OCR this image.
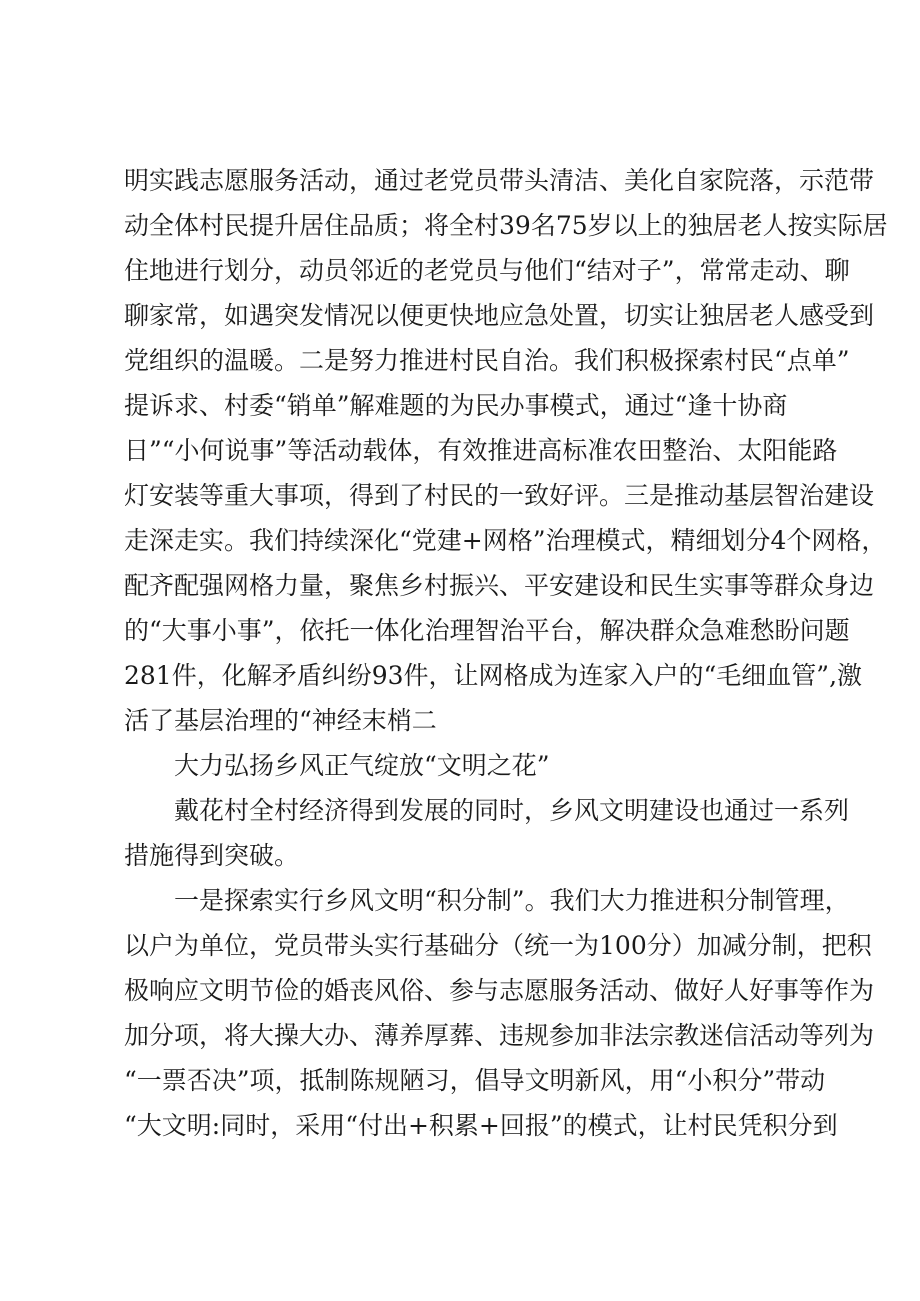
明实践志愿服务活动，通过老党员带头清洁、美化自家院落，示范带
动全体村民提升居住品质；将全村39名75岁以上的独居老人按实际居
住地进行划分，动员邻近的老党员与他们“结对子”，常常走动、聊
聊家常，如遇突发情况以便更快地应急处置，切实让独居老人感受到
党组织的温暖。二是努力推进村民自治。我们积极探索村民“点单”
提诉求、村委“销单”解难题的为民办事模式，通过“逢十协商
日”“小何说事”等活动载体，有效推进高标准农田整治、太阳能路
灯安装等重大事项，得到了村民的一致好评。三是推动基层智治建设
走深走实。我们持续深化“党建+网格”治理模式，精细划分4个网格，
配齐配强网格力量，聚焦乡村振兴、平安建设和民生实事等群众身边
的“大事小事”，依托一体化治理智治平台，解决群众急难愁盼问题
281件，化解矛盾纠纷93件，让网格成为连家入户的“毛细血管”,激
活了基层治理的“神经末梢二
大力弘扬乡风正气绽放“文明之花”
戴花村全村经济得到发展的同时，乡风文明建设也通过一系列
措施得到突破。
一是探索实行乡风文明“积分制”。我们大力推进积分制管理，
以户为单位，党员带头实行基础分（统一为100分）加减分制，把积
极响应文明节俭的婚丧风俗、参与志愿服务活动、做好人好事等作为
加分项，将大操大办、薄养厚葬、违规参加非法宗教迷信活动等列为
“一票否决”项，抵制陈规陋习，倡导文明新风，用“小积分”带动
“大文明:同时，采用“付出+积累+回报”的模式，让村民凭积分到
